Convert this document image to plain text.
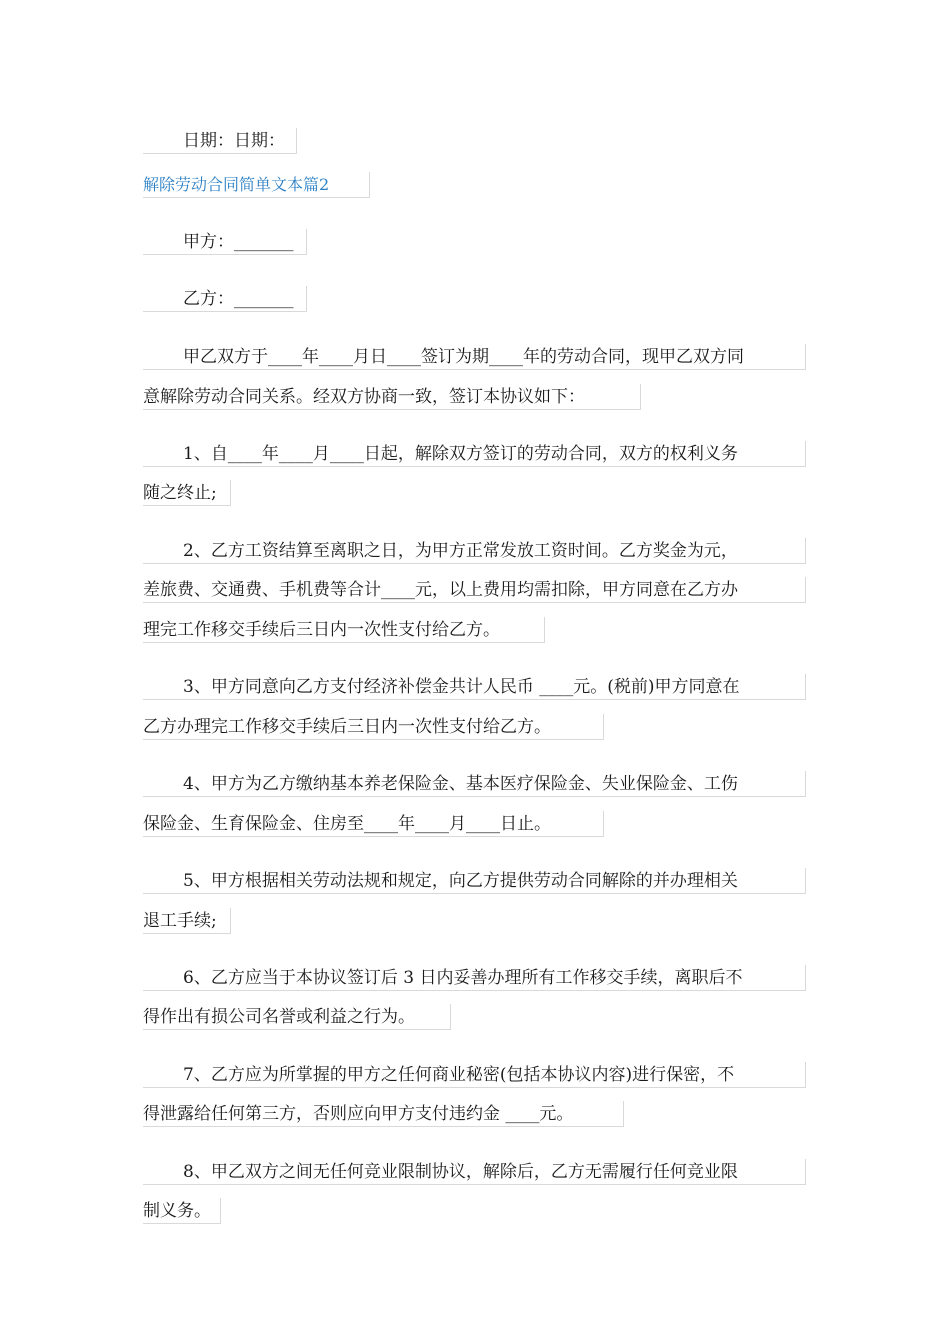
日期：日期：
解除劳动合同简单文本篇2
甲方：_______
乙方：_______
甲乙双方于____年____月日____签订为期____年的劳动合同，现甲乙双方同
意解除劳动合同关系。经双方协商一致，签订本协议如下：
1、自____年____月____日起，解除双方签订的劳动合同，双方的权利义务
随之终止;
2、乙方工资结算至离职之日，为甲方正常发放工资时间。乙方奖金为元，
差旅费、交通费、手机费等合计____元，以上费用均需扣除，甲方同意在乙方办
理完工作移交手续后三日内一次性支付给乙方。
3、甲方同意向乙方支付经济补偿金共计人民币 ____元。(税前)甲方同意在
乙方办理完工作移交手续后三日内一次性支付给乙方。
4、甲方为乙方缴纳基本养老保险金、基本医疗保险金、失业保险金、工伤
保险金、生育保险金、住房至____年____月____日止。
5、甲方根据相关劳动法规和规定，向乙方提供劳动合同解除的并办理相关
退工手续;
6、乙方应当于本协议签订后 3 日内妥善办理所有工作移交手续，离职后不
得作出有损公司名誉或利益之行为。
7、乙方应为所掌握的甲方之任何商业秘密(包括本协议内容)进行保密，不
得泄露给任何第三方，否则应向甲方支付违约金 ____元。
8、甲乙双方之间无任何竞业限制协议，解除后，乙方无需履行任何竞业限
制义务。
